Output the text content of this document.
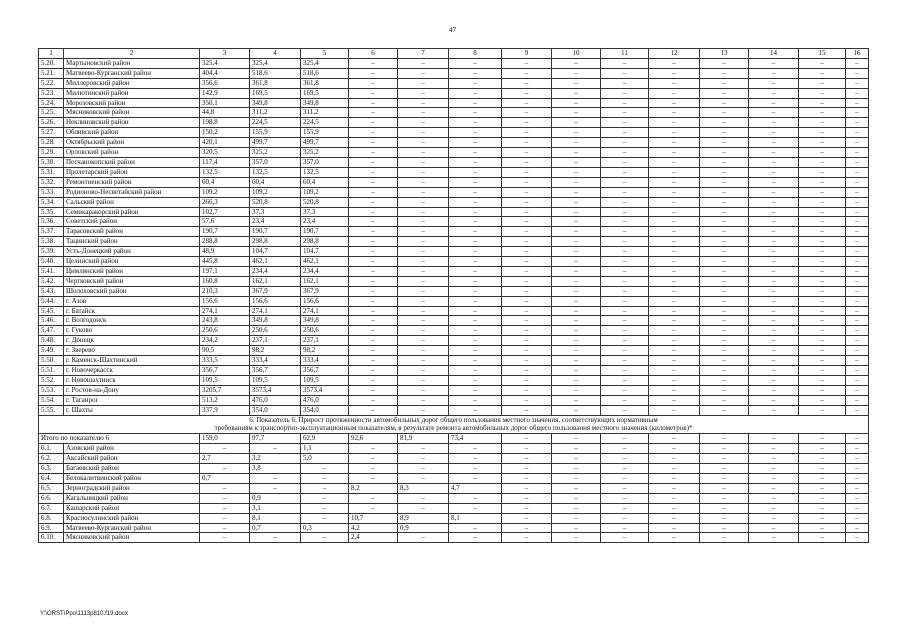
47
1	2	3	4	5	6	7	8	9	10	11	12	13	14	15	16
5.20.	Мартыновский район	325,4	325,4	325,4	–	–	–	–	–	–	–	–	–	–	–
5.21.	Матвеево-Курганский район	404,4	518,6	518,6	–	–	–	–	–	–	–	–	–	–	–
5.22.	Миллеровский район	356,6	361,8	361,8	–	–	–	–	–	–	–	–	–	–	–
5.23.	Милютинский район	142,9	169,5	169,5	–	–	–	–	–	–	–	–	–	–	–
5.24.	Морозовский район	350,1	349,8	349,8	–	–	–	–	–	–	–	–	–	–	–
5.25.	Мясниковский район	44,8	311,2	311,2	–	–	–	–	–	–	–	–	–	–	–
5.26.	Неклиновский район	198,8	224,5	224,5	–	–	–	–	–	–	–	–	–	–	–
5.27.	Обливский район	150,2	155,9	155,9	–	–	–	–	–	–	–	–	–	–	–
5.28.	Октябрьский район	420,1	499,7	499,7	–	–	–	–	–	–	–	–	–	–	–
5.29.	Орловский район	320,5	325,2	325,2	–	–	–	–	–	–	–	–	–	–	–
5.30.	Песчанокопский район	117,4	357,0	357,0	–	–	–	–	–	–	–	–	–	–	–
5.31.	Пролетарский район	132,5	132,5	132,5	–	–	–	–	–	–	–	–	–	–	–
5.32.	Ремонтненский район	60,4	60,4	60,4	–	–	–	–	–	–	–	–	–	–	–
5.33.	Родионово-Несветайский район	109,2	109,2	109,2	–	–	–	–	–	–	–	–	–	–	–
5.34.	Сальский район	266,3	520,8	520,8	–	–	–	–	–	–	–	–	–	–	–
5.35.	Семикаракорский район	102,7	37,3	37,3	–	–	–	–	–	–	–	–	–	–	–
5.36.	Советский район	57,6	23,4	23,4	–	–	–	–	–	–	–	–	–	–	–
5.37.	Тарасовский район	190,7	190,7	190,7	–	–	–	–	–	–	–	–	–	–	–
5.38.	Тацинский район	288,8	298,8	298,8	–	–	–	–	–	–	–	–	–	–	–
5.39.	Усть-Донецкий район	48,9	104,7	104,7	–	–	–	–	–	–	–	–	–	–	–
5.40.	Целинский район	445,8	462,1	462,1	–	–	–	–	–	–	–	–	–	–	–
5.41.	Цимлянский район	197,1	234,4	234,4	–	–	–	–	–	–	–	–	–	–	–
5.42.	Чертковский район	160,8	162,1	162,1	–	–	–	–	–	–	–	–	–	–	–
5.43.	Шолоховский район	210,3	367,9	367,9	–	–	–	–	–	–	–	–	–	–	–
5.44.	г. Азов	156,6	156,6	156,6	–	–	–	–	–	–	–	–	–	–	–
5.45.	г. Батайск	274,1	274,1	274,1	–	–	–	–	–	–	–	–	–	–	–
5.46.	г. Волгодонск	243,8	349,8	349,8	–	–	–	–	–	–	–	–	–	–	–
5.47.	г. Гуково	250,6	250,6	250,6	–	–	–	–	–	–	–	–	–	–	–
5.48.	г. Донецк	234,2	237,1	237,1	–	–	–	–	–	–	–	–	–	–	–
5.49.	г. Зверево	90,5	98,2	98,2	–	–	–	–	–	–	–	–	–	–	–
5.50.	г. Каменск-Шахтинский	333,5	333,4	333,4	–	–	–	–	–	–	–	–	–	–	–
5.51.	г. Новочеркасск	356,7	356,7	356,7	–	–	–	–	–	–	–	–	–	–	–
5.52.	г. Новошахтинск	109,5	109,5	109,5	–	–	–	–	–	–	–	–	–	–	–
5.53.	г. Ростов-на-Дону	3205,7	3573,4	3573,4	–	–	–	–	–	–	–	–	–	–	–
5.54.	г. Таганрог	513,2	476,0	476,0	–	–	–	–	–	–	–	–	–	–	–
5.55.	г. Шахты	337,9	354,0	354,0	–	–	–	–	–	–	–	–	–	–	–

6. Показатель 6. Прирост протяженности автомобильных дорог общего пользования местного значения, соответствующих нормативным
требованиям к транспортно-эксплуатационным показателям, в результате ремонта автомобильных дорог общего пользования местного значения (километров)*															

Итого по показателю 6		159,0	97,7	62,9	92,6	81,9	73,4	–	–	–	–	–	–	–	–
6.1.	Азовский район	–	–	1,1	–	–	–	–	–	–	–	–	–	–	–
6.2.	Аксайский район	2,7	3,2	5,0	–	–	–	–	–	–	–	–	–	–	–
6.3.	Багаевский район	–	3,8	–	–	–	–	–	–	–	–	–	–	–	–
6.4.	Белокалитвинский район	0,7	–	–	–	–	–	–	–	–	–	–	–	–	–
6.5.	Зерноградский район	–	–	–	8,2	8,3	4,7	–	–	–	–	–	–	–	–
6.6.	Кагальницкий район	–	0,9	–	–	–	–	–	–	–	–	–	–	–	–
6.7.	Кашарский район	–	3,1	–	–	–	–	–	–	–	–	–	–	–	–
6.8.	Красносулинский район	–	8,1	–	10,7	8,9	8,1	–	–	–	–	–	–	–	–
6.9.	Матвеево-Курганский район	–	0,7	0,3	4,2	0,9	–	–	–	–	–	–	–	–	–
6.10.	Мясниковский район	–	–	–	2,4	–	–	–	–	–	–	–	–	–	–
Y:\ORST\Ppo\1113p810.f19.docx
